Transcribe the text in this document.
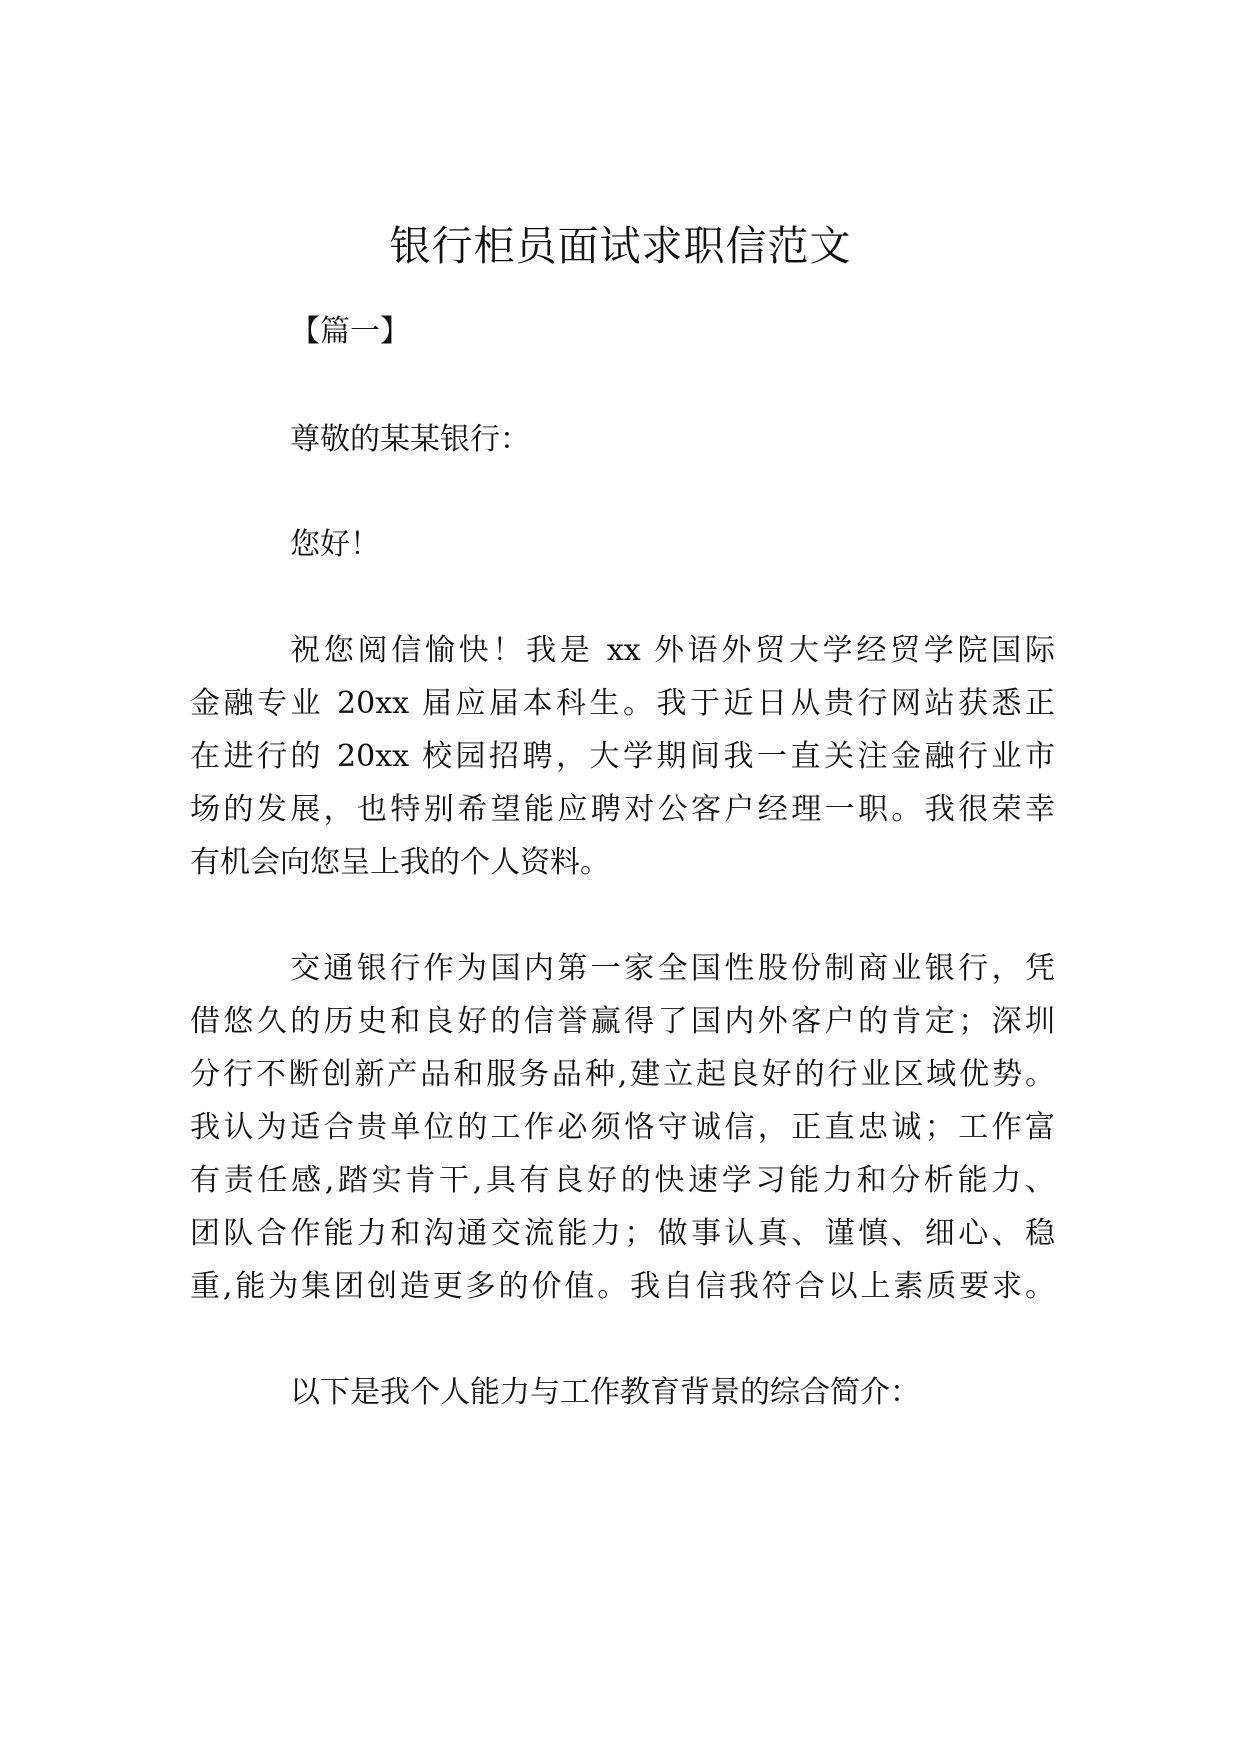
银行柜员面试求职信范文
【篇一】
尊敬的某某银行：
您好！
祝您阅信愉快！我是 xx 外语外贸大学经贸学院国际
金融专业 20xx 届应届本科生。我于近日从贵行网站获悉正
在进行的 20xx 校园招聘，大学期间我一直关注金融行业市
场的发展，也特别希望能应聘对公客户经理一职。我很荣幸
有机会向您呈上我的个人资料。
交通银行作为国内第一家全国性股份制商业银行，凭
借悠久的历史和良好的信誉赢得了国内外客户的肯定；深圳
分行不断创新产品和服务品种,建立起良好的行业区域优势。
我认为适合贵单位的工作必须恪守诚信，正直忠诚；工作富
有责任感,踏实肯干,具有良好的快速学习能力和分析能力、
团队合作能力和沟通交流能力；做事认真、谨慎、细心、稳
重,能为集团创造更多的价值。我自信我符合以上素质要求。
以下是我个人能力与工作教育背景的综合简介：
